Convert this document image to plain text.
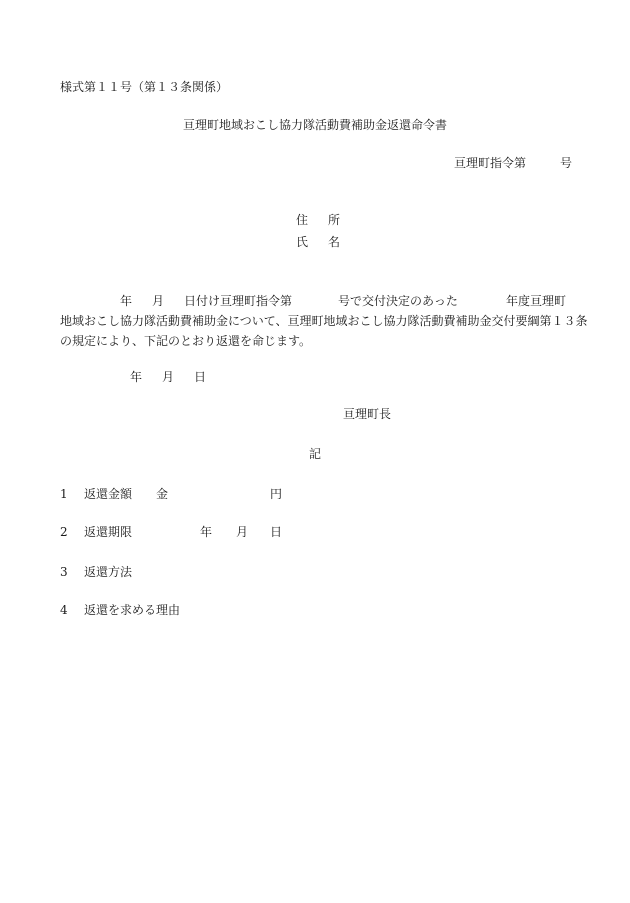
様式第１１号（第１３条関係）
亘理町地域おこし協力隊活動費補助金返還命令書
亘理町指令第	号
住所
氏名
年 月 日付け亘理町指令第	号で交付決定のあった	年度亘理町
地域おこし協力隊活動費補助金について、亘理町地域おこし協力隊活動費補助金交付要綱第１３条
の規定により、下記のとおり返還を命じます。
年 月 日
亘理町長
記
1 返還金額 金	円
2 返還期限	年 月 日
3 返還方法
4 返還を求める理由
